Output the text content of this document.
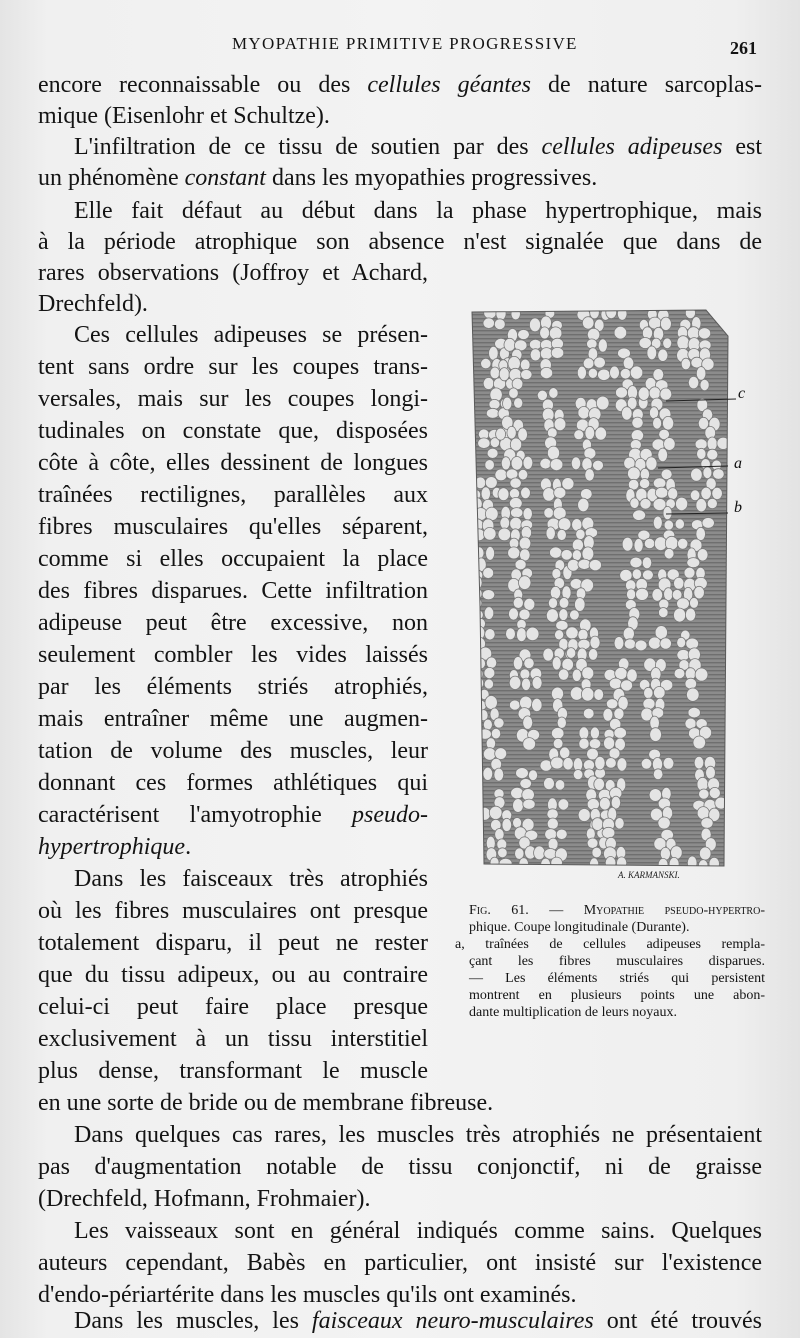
MYOPATHIE PRIMITIVE PROGRESSIVE	261
encore reconnaissable ou des cellules géantes de nature sarcoplas-
mique (Eisenlohr et Schultze).
L'infiltration de ce tissu de soutien par des cellules adipeuses est
un phénomène constant dans les myopathies progressives.
Elle fait défaut au début dans la phase hypertrophique, mais
à la période atrophique son absence n'est signalée que dans de
rares observations (Joffroy et Achard,
Drechfeld).
Ces cellules adipeuses se présen-
tent sans ordre sur les coupes trans-
versales, mais sur les coupes longi-
tudinales on constate que, disposées
côte à côte, elles dessinent de longues
traînées rectilignes, parallèles aux
fibres musculaires qu'elles séparent,
comme si elles occupaient la place
des fibres disparues. Cette infiltration
adipeuse peut être excessive, non
seulement combler les vides laissés
par les éléments striés atrophiés,
mais entraîner même une augmen-
tation de volume des muscles, leur
donnant ces formes athlétiques qui
caractérisent l'amyotrophie pseudo-
hypertrophique.
Dans les faisceaux très atrophiés
où les fibres musculaires ont presque
totalement disparu, il peut ne rester
que du tissu adipeux, ou au contraire
celui-ci peut faire place presque
exclusivement à un tissu interstitiel
plus dense, transformant le muscle
en une sorte de bride ou de membrane fibreuse.
Dans quelques cas rares, les muscles très atrophiés ne présentaient
pas d'augmentation notable de tissu conjonctif, ni de graisse
(Drechfeld, Hofmann, Frohmaier).
Les vaisseaux sont en général indiqués comme sains. Quelques
auteurs cependant, Babès en particulier, ont insisté sur l'existence
d'endo-périartérite dans les muscles qu'ils ont examinés.
Dans les muscles, les faisceaux neuro-musculaires ont été trouvés
c
a
b
A. KARMANSKI.
Fig. 61. — Myopathie pseudo-hypertro-
phique. Coupe longitudinale (Durante).
a, traînées de cellules adipeuses rempla-
çant les fibres musculaires disparues.
— Les éléments striés qui persistent
montrent en plusieurs points une abon-
dante multiplication de leurs noyaux.
